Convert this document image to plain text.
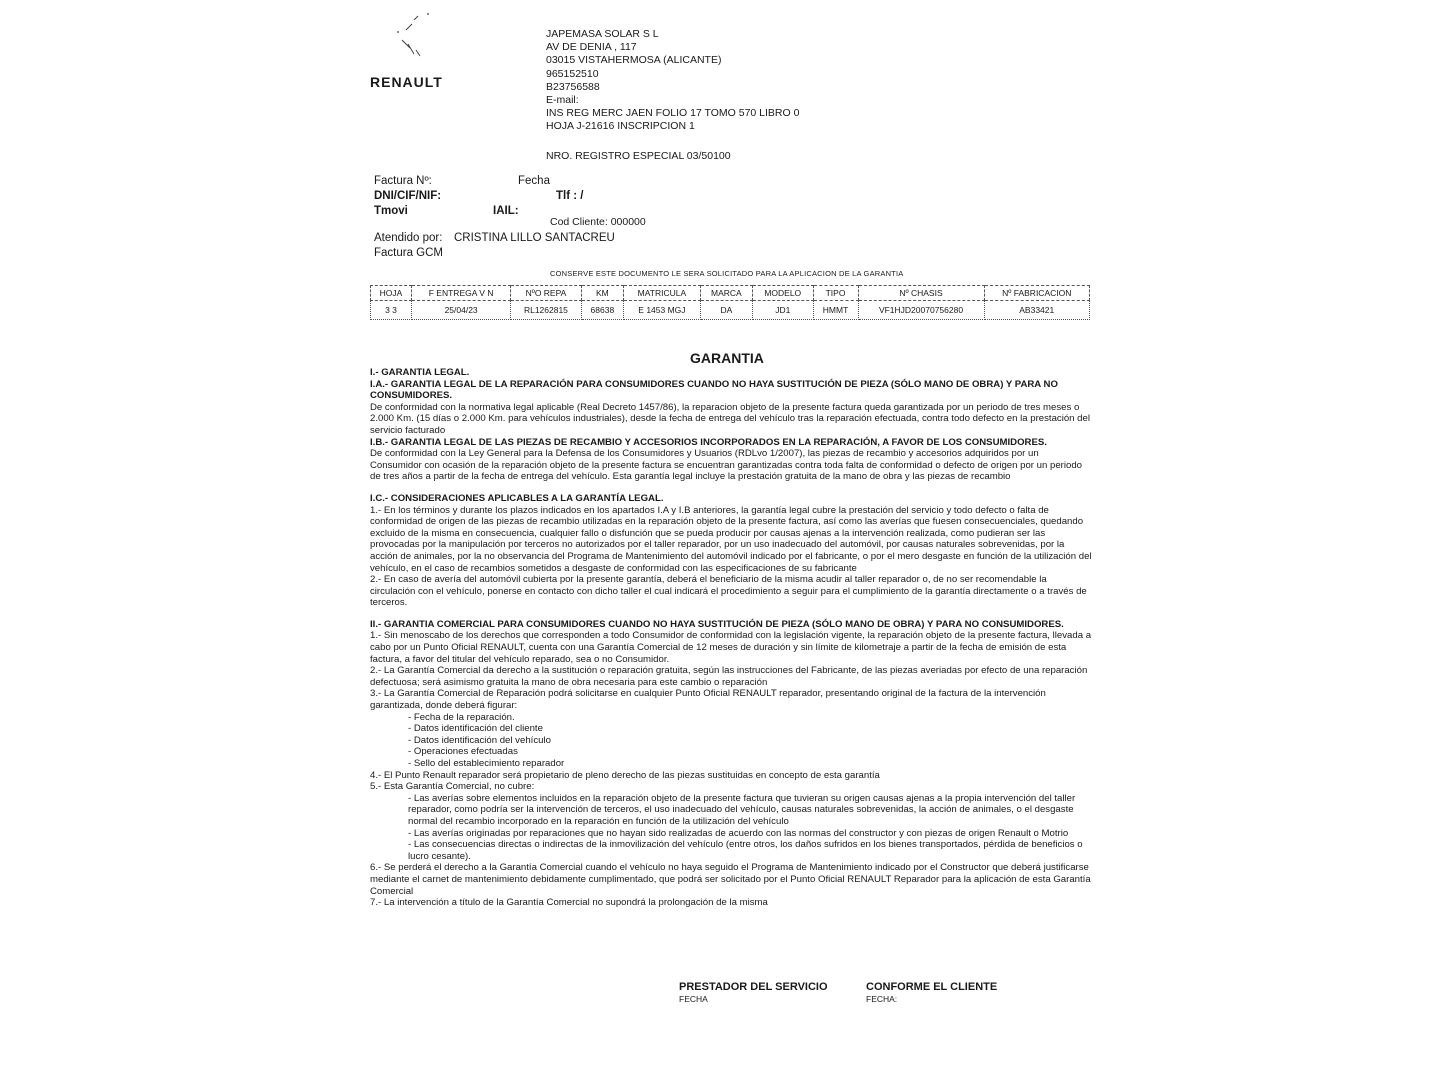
RENAULT
JAPEMASA SOLAR S L
AV DE DENIA , 117
03015 VISTAHERMOSA (ALICANTE)
965152510
B23756588
E-mail:
INS REG MERC JAEN FOLIO 17 TOMO 570 LIBRO 0
HOJA J-21616 INSCRIPCION 1
NRO. REGISTRO ESPECIAL 03/50100
Factura Nº:	Fecha
DNI/CIF/NIF:	Tlf : /
Tmovi	IAIL:
Cod Cliente: 000000
Atendido por: CRISTINA LILLO SANTACREU
Factura GCM
CONSERVE ESTE DOCUMENTO LE SERA SOLICITADO PARA LA APLICACION DE LA GARANTIA
HOJA	F ENTREGA V N	NºO REPA	KM	MATRICULA	MARCA	MODELO	TIPO	Nº CHASIS	Nº FABRICACION
3 3	25/04/23	RL1262815	68638	E 1453 MGJ	DA	JD1	HMMT	VF1HJD20070756280	AB33421
GARANTIA

I.- GARANTIA LEGAL.

I.A.- GARANTIA LEGAL DE LA REPARACIÓN PARA CONSUMIDORES CUANDO NO HAYA SUSTITUCIÓN DE PIEZA (SÓLO MANO DE OBRA) Y PARA NO CONSUMIDORES.

De conformidad con la normativa legal aplicable (Real Decreto 1457/86), la reparacion objeto de la presente factura queda garantizada por un periodo de tres meses o 2.000 Km. (15 días o 2.000 Km. para vehículos industriales), desde la fecha de entrega del vehículo tras la reparación efectuada, contra todo defecto en la prestación del servicio facturado

I.B.- GARANTIA LEGAL DE LAS PIEZAS DE RECAMBIO Y ACCESORIOS INCORPORADOS EN LA REPARACIÓN, A FAVOR DE LOS CONSUMIDORES.

De conformidad con la Ley General para la Defensa de los Consumidores y Usuarios (RDLvo 1/2007), las piezas de recambio y accesorios adquiridos por un Consumidor con ocasión de la reparación objeto de la presente factura se encuentran garantizadas contra toda falta de conformidad o defecto de origen por un periodo de tres años a partir de la fecha de entrega del vehículo. Esta garantía legal incluye la prestación gratuita de la mano de obra y las piezas de recambio

I.C.- CONSIDERACIONES APLICABLES A LA GARANTÍA LEGAL.

1.- En los términos y durante los plazos indicados en los apartados I.A y I.B anteriores, la garantía legal cubre la prestación del servicio y todo defecto o falta de conformidad de origen de las piezas de recambio utilizadas en la reparación objeto de la presente factura, así como las averías que fuesen consecuenciales, quedando excluido de la misma en consecuencia, cualquier fallo o disfunción que se pueda producir por causas ajenas a la intervención realizada, como pudieran ser las provocadas por la manipulación por terceros no autorizados por el taller reparador, por un uso inadecuado del automóvil, por causas naturales sobrevenidas, por la acción de animales, por la no observancia del Programa de Mantenimiento del automóvil indicado por el fabricante, o por el mero desgaste en función de la utilización del vehículo, en el caso de recambios sometidos a desgaste de conformidad con las especificaciones de su fabricante

2.- En caso de avería del automóvil cubierta por la presente garantía, deberá el beneficiario de la misma acudir al taller reparador o, de no ser recomendable la circulación con el vehículo, ponerse en contacto con dicho taller el cual indicará el procedimiento a seguir para el cumplimiento de la garantía directamente o a través de terceros.

II.- GARANTIA COMERCIAL PARA CONSUMIDORES CUANDO NO HAYA SUSTITUCIÓN DE PIEZA (SÓLO MANO DE OBRA) Y PARA NO CONSUMIDORES.

1.- Sin menoscabo de los derechos que corresponden a todo Consumidor de conformidad con la legislación vigente, la reparación objeto de la presente factura, llevada a cabo por un Punto Oficial RENAULT, cuenta con una Garantía Comercial de 12 meses de duración y sin límite de kilometraje a partir de la fecha de emisión de esta factura, a favor del titular del vehículo reparado, sea o no Consumidor.

2.- La Garantía Comercial da derecho a la sustitución o reparación gratuita, según las instrucciones del Fabricante, de las piezas averiadas por efecto de una reparación defectuosa; será asimismo gratuita la mano de obra necesaria para este cambio o reparación

3.- La Garantía Comercial de Reparación podrá solicitarse en cualquier Punto Oficial RENAULT reparador, presentando original de la factura de la intervención garantizada, donde deberá figurar:

- Fecha de la reparación.

- Datos identificación del cliente

- Datos identificación del vehículo

- Operaciones efectuadas

- Sello del establecimiento reparador

4.- El Punto Renault reparador será propietario de pleno derecho de las piezas sustituidas en concepto de esta garantía

5.- Esta Garantía Comercial, no cubre:

- Las averías sobre elementos incluidos en la reparación objeto de la presente factura que tuvieran su origen causas ajenas a la propia intervención del taller reparador, como podría ser la intervención de terceros, el uso inadecuado del vehículo, causas naturales sobrevenidas, la acción de animales, o el desgaste normal del recambio incorporado en la reparación en función de la utilización del vehículo

- Las averías originadas por reparaciones que no hayan sido realizadas de acuerdo con las normas del constructor y con piezas de origen Renault o Motrio

- Las consecuencias directas o indirectas de la inmovilización del vehículo (entre otros, los daños sufridos en los bienes transportados, pérdida de beneficios o lucro cesante).

6.- Se perderá el derecho a la Garantía Comercial cuando el vehículo no haya seguido el Programa de Mantenimiento indicado por el Constructor que deberá justificarse mediante el carnet de mantenimiento debidamente cumplimentado, que podrá ser solicitado por el Punto Oficial RENAULT Reparador para la aplicación de esta Garantía Comercial

7.- La intervención a título de la Garantía Comercial no supondrá la prolongación de la misma

PRESTADOR DEL SERVICIO
FECHA
CONFORME EL CLIENTE
FECHA:
